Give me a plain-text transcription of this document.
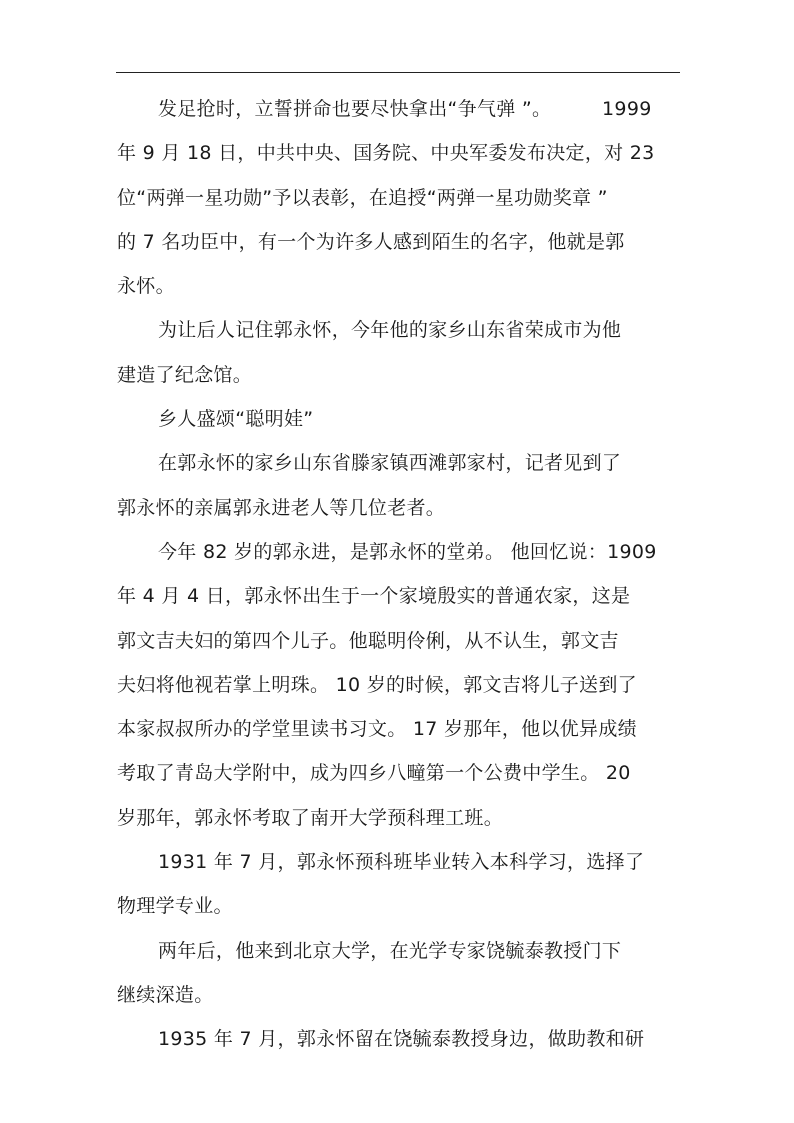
发足抢时，立誓拼命也要尽快拿出“争气弹 ”。        1999
年 9 月 18 日，中共中央、国务院、中央军委发布决定，对 23
位“两弹一星功勋”予以表彰，在追授“两弹一星功勋奖章 ”
的 7 名功臣中，有一个为许多人感到陌生的名字，他就是郭
永怀。
为让后人记住郭永怀，今年他的家乡山东省荣成市为他
建造了纪念馆。
乡人盛颂“聪明娃”
在郭永怀的家乡山东省滕家镇西滩郭家村，记者见到了
郭永怀的亲属郭永进老人等几位老者。
今年 82 岁的郭永进，是郭永怀的堂弟。 他回忆说：1909
年 4 月 4 日，郭永怀出生于一个家境殷实的普通农家，这是
郭文吉夫妇的第四个儿子。他聪明伶俐，从不认生，郭文吉
夫妇将他视若掌上明珠。 10 岁的时候，郭文吉将儿子送到了
本家叔叔所办的学堂里读书习文。 17 岁那年，他以优异成绩
考取了青岛大学附中，成为四乡八疃第一个公费中学生。 20
岁那年，郭永怀考取了南开大学预科理工班。
1931 年 7 月，郭永怀预科班毕业转入本科学习，选择了
物理学专业。
两年后，他来到北京大学，在光学专家饶毓泰教授门下
继续深造。
1935 年 7 月，郭永怀留在饶毓泰教授身边，做助教和研
